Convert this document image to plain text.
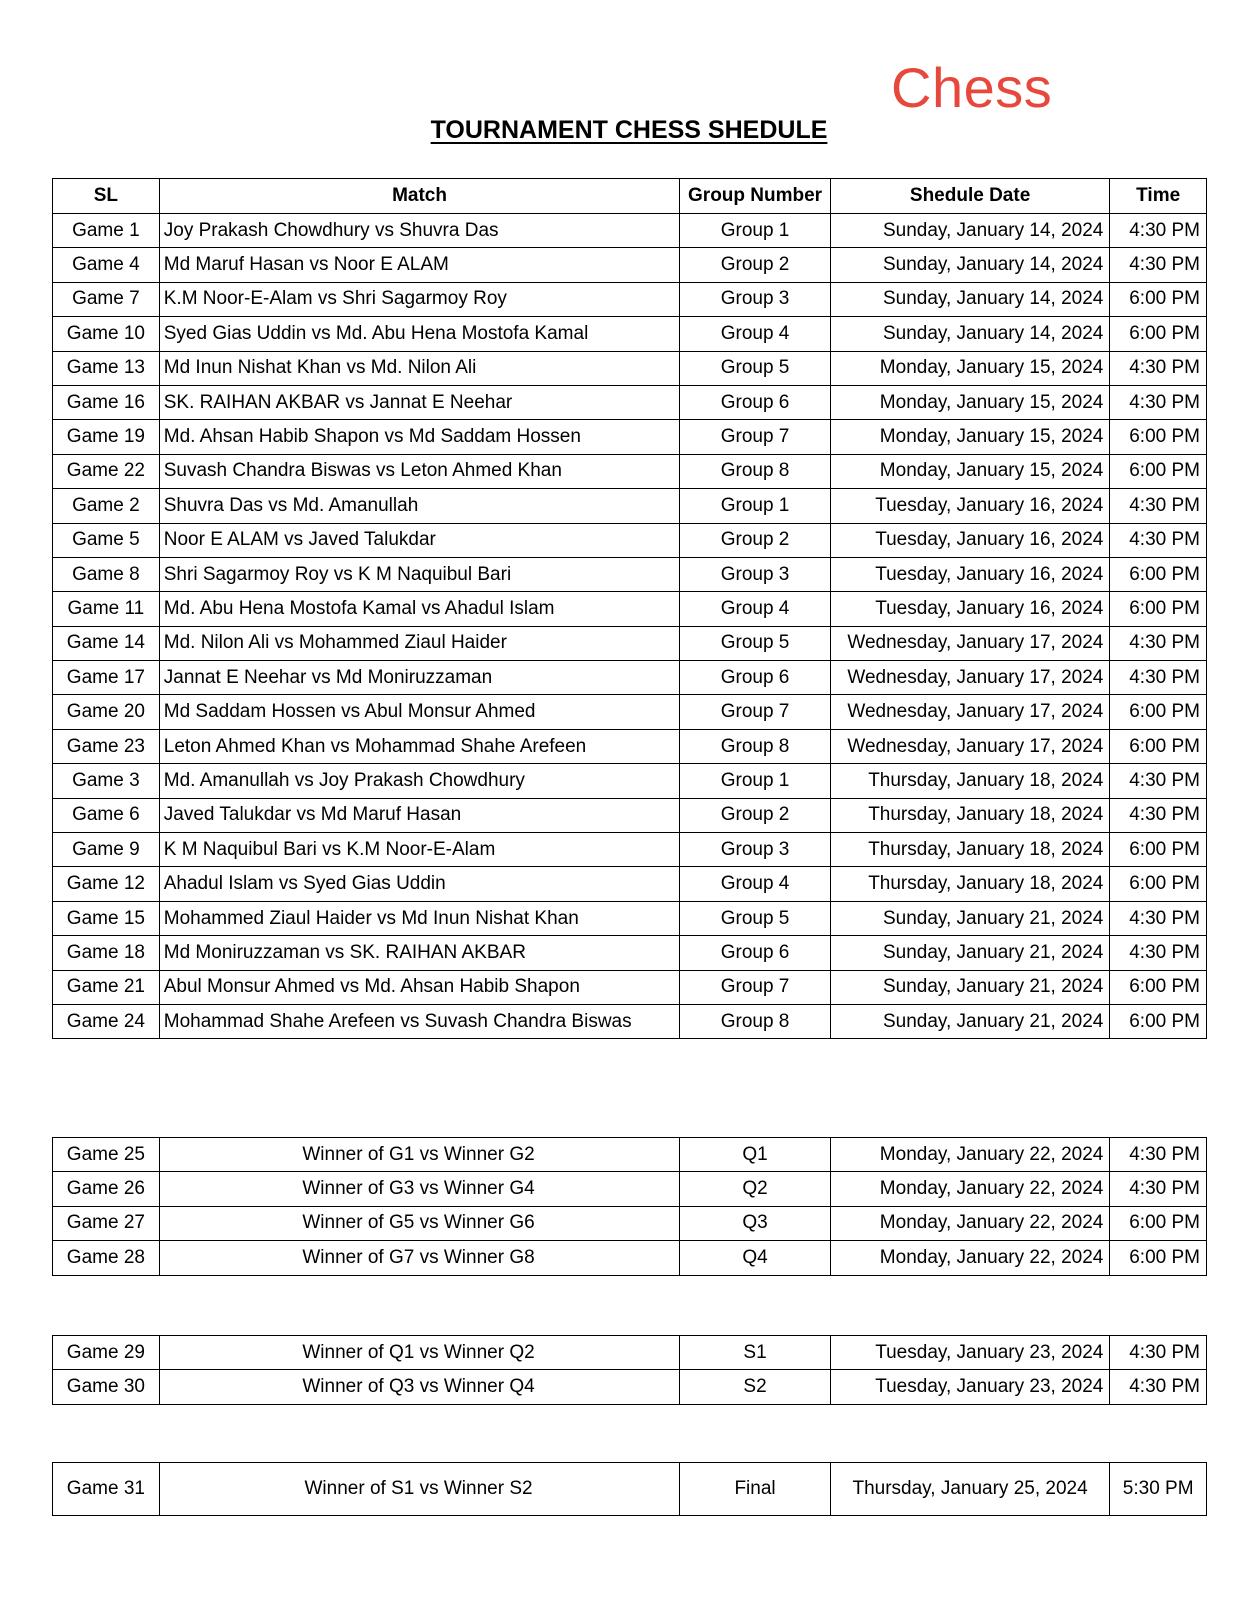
Chess
TOURNAMENT CHESS SHEDULE
SL	Match	Group Number	Shedule Date	Time
Game 1	Joy Prakash Chowdhury vs Shuvra Das	Group 1	Sunday, January 14, 2024	4:30 PM
Game 4	Md Maruf Hasan vs Noor E ALAM	Group 2	Sunday, January 14, 2024	4:30 PM
Game 7	K.M Noor-E-Alam vs Shri Sagarmoy Roy	Group 3	Sunday, January 14, 2024	6:00 PM
Game 10	Syed Gias Uddin vs Md. Abu Hena Mostofa Kamal	Group 4	Sunday, January 14, 2024	6:00 PM
Game 13	Md Inun Nishat Khan vs Md. Nilon Ali	Group 5	Monday, January 15, 2024	4:30 PM
Game 16	SK. RAIHAN AKBAR vs Jannat E Neehar	Group 6	Monday, January 15, 2024	4:30 PM
Game 19	Md. Ahsan Habib Shapon vs Md Saddam Hossen	Group 7	Monday, January 15, 2024	6:00 PM
Game 22	Suvash Chandra Biswas vs Leton Ahmed Khan	Group 8	Monday, January 15, 2024	6:00 PM
Game 2	Shuvra Das vs Md. Amanullah	Group 1	Tuesday, January 16, 2024	4:30 PM
Game 5	Noor E ALAM vs Javed Talukdar	Group 2	Tuesday, January 16, 2024	4:30 PM
Game 8	Shri Sagarmoy Roy vs K M Naquibul Bari	Group 3	Tuesday, January 16, 2024	6:00 PM
Game 11	Md. Abu Hena Mostofa Kamal vs Ahadul Islam	Group 4	Tuesday, January 16, 2024	6:00 PM
Game 14	Md. Nilon Ali vs Mohammed Ziaul Haider	Group 5	Wednesday, January 17, 2024	4:30 PM
Game 17	Jannat E Neehar vs Md Moniruzzaman	Group 6	Wednesday, January 17, 2024	4:30 PM
Game 20	Md Saddam Hossen vs Abul Monsur Ahmed	Group 7	Wednesday, January 17, 2024	6:00 PM
Game 23	Leton Ahmed Khan vs Mohammad Shahe Arefeen	Group 8	Wednesday, January 17, 2024	6:00 PM
Game 3	Md. Amanullah vs Joy Prakash Chowdhury	Group 1	Thursday, January 18, 2024	4:30 PM
Game 6	Javed Talukdar vs Md Maruf Hasan	Group 2	Thursday, January 18, 2024	4:30 PM
Game 9	K M Naquibul Bari vs K.M Noor-E-Alam	Group 3	Thursday, January 18, 2024	6:00 PM
Game 12	Ahadul Islam vs Syed Gias Uddin	Group 4	Thursday, January 18, 2024	6:00 PM
Game 15	Mohammed Ziaul Haider vs Md Inun Nishat Khan	Group 5	Sunday, January 21, 2024	4:30 PM
Game 18	Md Moniruzzaman vs SK. RAIHAN AKBAR	Group 6	Sunday, January 21, 2024	4:30 PM
Game 21	Abul Monsur Ahmed vs Md. Ahsan Habib Shapon	Group 7	Sunday, January 21, 2024	6:00 PM
Game 24	Mohammad Shahe Arefeen vs Suvash Chandra Biswas	Group 8	Sunday, January 21, 2024	6:00 PM
Game 25	Winner of G1 vs Winner G2	Q1	Monday, January 22, 2024	4:30 PM
Game 26	Winner of G3 vs Winner G4	Q2	Monday, January 22, 2024	4:30 PM
Game 27	Winner of G5 vs Winner G6	Q3	Monday, January 22, 2024	6:00 PM
Game 28	Winner of G7 vs Winner G8	Q4	Monday, January 22, 2024	6:00 PM
Game 29	Winner of Q1 vs Winner Q2	S1	Tuesday, January 23, 2024	4:30 PM
Game 30	Winner of Q3 vs Winner Q4	S2	Tuesday, January 23, 2024	4:30 PM
Game 31	Winner of S1 vs Winner S2	Final	Thursday, January 25, 2024	5:30 PM
